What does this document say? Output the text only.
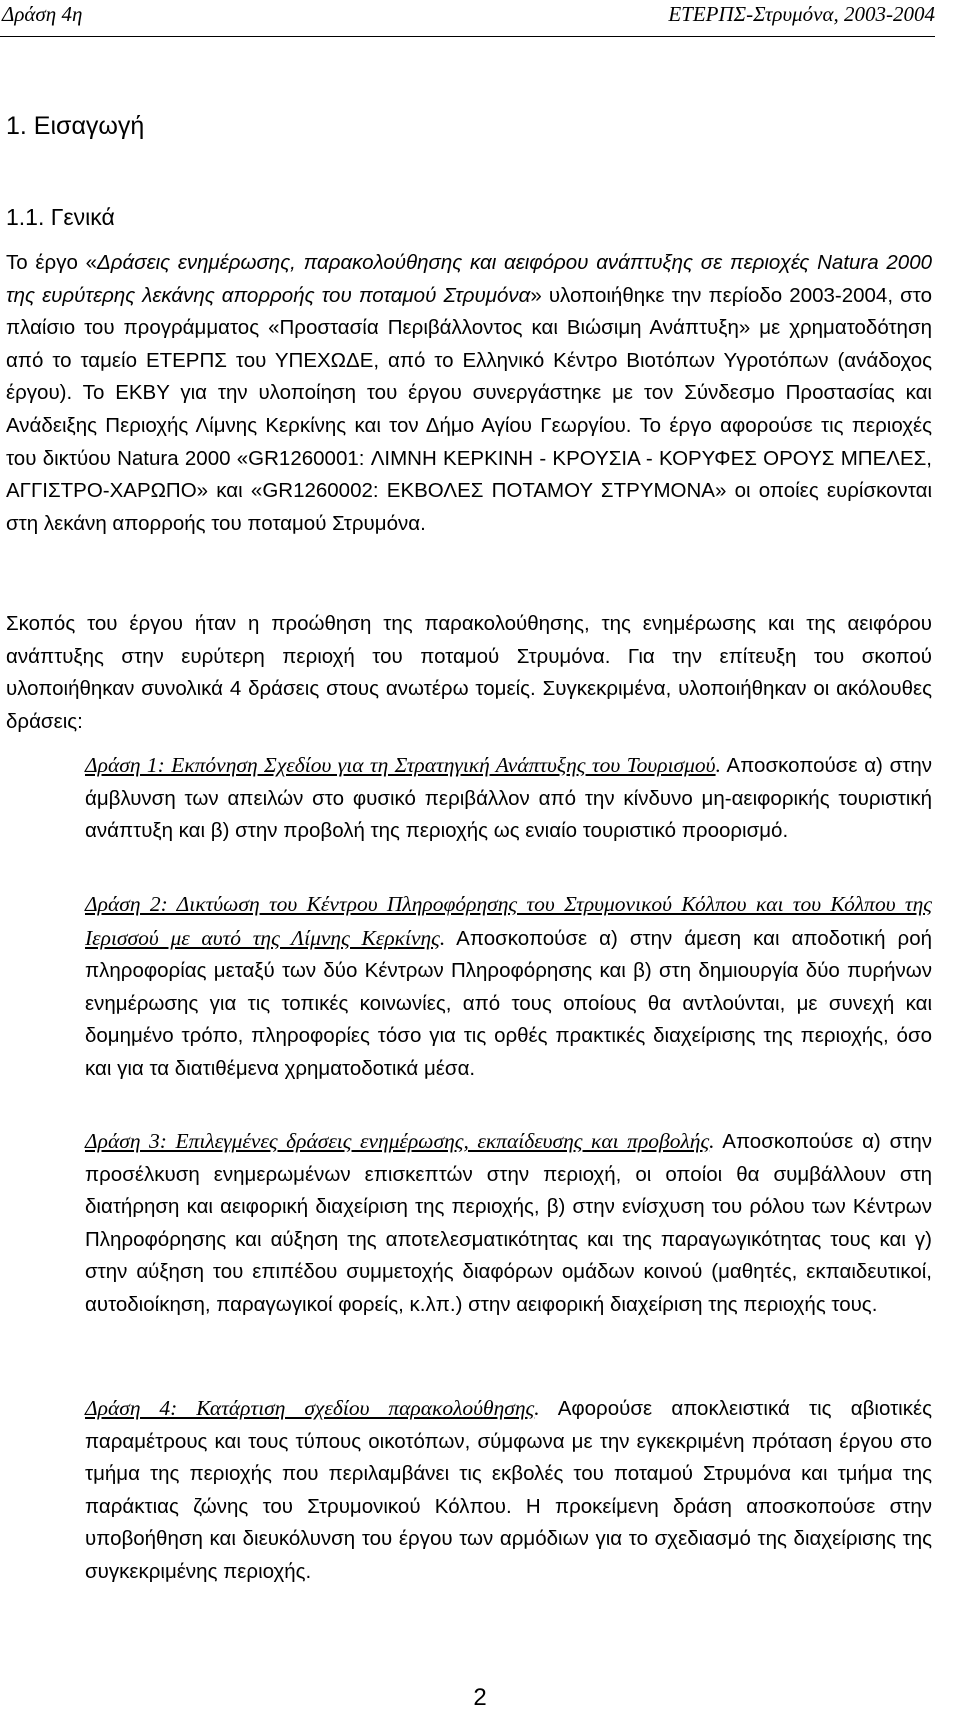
Δράση 4η	ΕΤΕΡΠΣ-Στρυμόνα, 2003-2004
1. Εισαγωγή
1.1. Γενικά
Το έργο «Δράσεις ενημέρωσης, παρακολούθησης και αειφόρου ανάπτυξης σε περιοχές Natura 2000 της ευρύτερης λεκάνης απορροής του ποταμού Στρυμόνα» υλοποιήθηκε την περίοδο 2003-2004, στο πλαίσιο του προγράμματος «Προστασία Περιβάλλοντος και Βιώσιμη Ανάπτυξη» με χρηματοδότηση από το ταμείο ΕΤΕΡΠΣ του ΥΠΕΧΩΔΕ, από το Ελληνικό Κέντρο Βιοτόπων Υγροτόπων (ανάδοχος έργου). Το ΕΚΒΥ για την υλοποίηση του έργου συνεργάστηκε με τον Σύνδεσμο Προστασίας και Ανάδειξης Περιοχής Λίμνης Κερκίνης και τον Δήμο Αγίου Γεωργίου. Το έργο αφορούσε τις περιοχές του δικτύου Natura 2000 «GR1260001: ΛΙΜΝΗ ΚΕΡΚΙΝΗ - ΚΡΟΥΣΙΑ - ΚΟΡΥΦΕΣ ΟΡΟΥΣ ΜΠΕΛΕΣ, ΑΓΓΙΣΤΡΟ-ΧΑΡΩΠΟ» και «GR1260002: ΕΚΒΟΛΕΣ ΠΟΤΑΜΟΥ ΣΤΡΥΜΟΝΑ» οι οποίες ευρίσκονται στη λεκάνη απορροής του ποταμού Στρυμόνα.
Σκοπός του έργου ήταν η προώθηση της παρακολούθησης, της ενημέρωσης και της αειφόρου ανάπτυξης στην ευρύτερη περιοχή του ποταμού Στρυμόνα. Για την επίτευξη του σκοπού υλοποιήθηκαν συνολικά 4 δράσεις στους ανωτέρω τομείς. Συγκεκριμένα, υλοποιήθηκαν οι ακόλουθες δράσεις:
Δράση 1: Εκπόνηση Σχεδίου για τη Στρατηγική Ανάπτυξης του Τουρισμού. Αποσκοπούσε α) στην άμβλυνση των απειλών στο φυσικό περιβάλλον από την κίνδυνο μη-αειφορικής τουριστική ανάπτυξη και β) στην προβολή της περιοχής ως ενιαίο τουριστικό προορισμό.
Δράση 2: Δικτύωση του Κέντρου Πληροφόρησης του Στρυμονικού Κόλπου και του Κόλπου της Ιερισσού με αυτό της Λίμνης Κερκίνης. Αποσκοπούσε α) στην άμεση και αποδοτική ροή πληροφορίας μεταξύ των δύο Κέντρων Πληροφόρησης και β) στη δημιουργία δύο πυρήνων ενημέρωσης για τις τοπικές κοινωνίες, από τους οποίους θα αντλούνται, με συνεχή και δομημένο τρόπο, πληροφορίες τόσο για τις ορθές πρακτικές διαχείρισης της περιοχής, όσο και για τα διατιθέμενα χρηματοδοτικά μέσα.
Δράση 3: Επιλεγμένες δράσεις ενημέρωσης, εκπαίδευσης και προβολής. Αποσκοπούσε α) στην προσέλκυση ενημερωμένων επισκεπτών στην περιοχή, οι οποίοι θα συμβάλλουν στη διατήρηση και αειφορική διαχείριση της περιοχής, β) στην ενίσχυση του ρόλου των Κέντρων Πληροφόρησης και αύξηση της αποτελεσματικότητας και της παραγωγικότητας τους και γ) στην αύξηση του επιπέδου συμμετοχής διαφόρων ομάδων κοινού (μαθητές, εκπαιδευτικοί, αυτοδιοίκηση, παραγωγικοί φορείς, κ.λπ.) στην αειφορική διαχείριση της περιοχής τους.
Δράση 4: Κατάρτιση σχεδίου παρακολούθησης. Αφορούσε αποκλειστικά τις αβιοτικές παραμέτρους και τους τύπους οικοτόπων, σύμφωνα με την εγκεκριμένη πρόταση έργου στο τμήμα της περιοχής που περιλαμβάνει τις εκβολές του ποταμού Στρυμόνα και τμήμα της παράκτιας ζώνης του Στρυμονικού Κόλπου. Η προκείμενη δράση αποσκοπούσε στην υποβοήθηση και διευκόλυνση του έργου των αρμόδιων για το σχεδιασμό της διαχείρισης της συγκεκριμένης περιοχής.
2
